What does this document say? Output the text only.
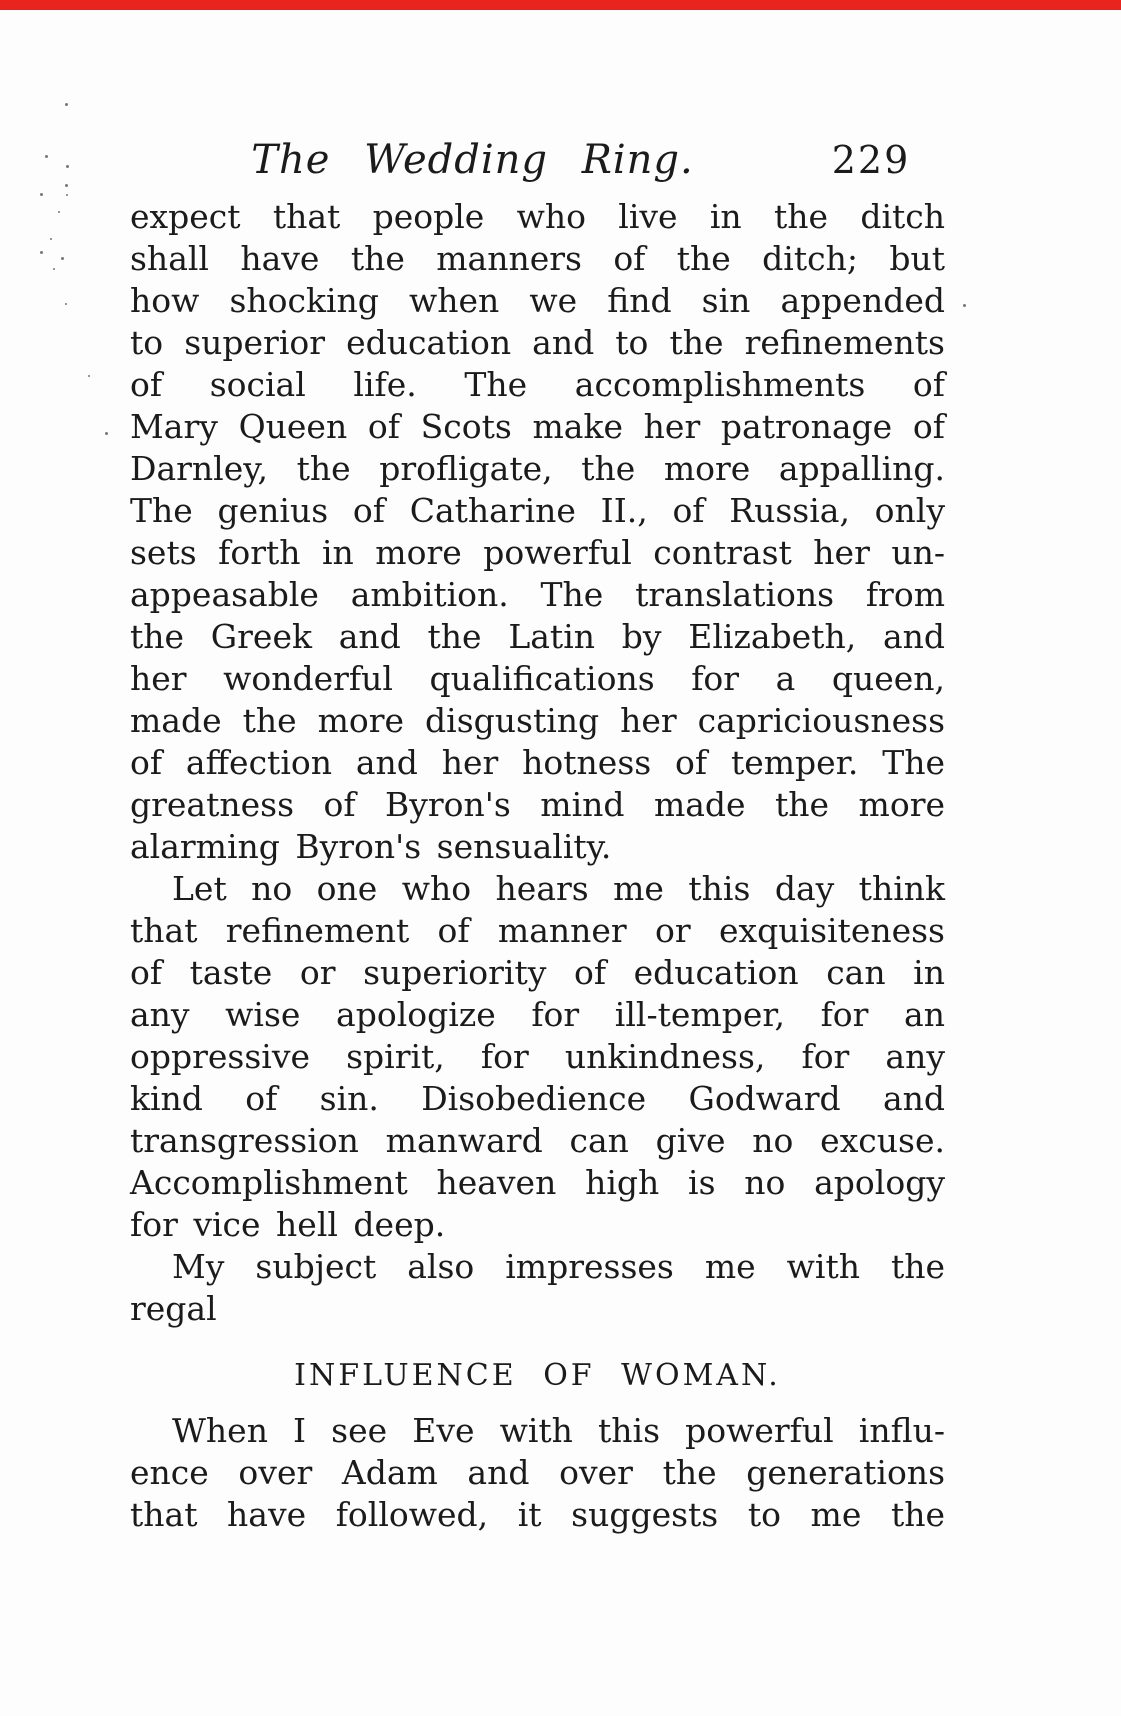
The Wedding Ring.	229
expect that people who live in the ditch
shall have the manners of the ditch; but
how shocking when we find sin appended
to superior education and to the refinements
of social life. The accomplishments of
Mary Queen of Scots make her patronage of
Darnley, the profligate, the more appalling.
The genius of Catharine II., of Russia, only
sets forth in more powerful contrast her un-
appeasable ambition. The translations from
the Greek and the Latin by Elizabeth, and
her wonderful qualifications for a queen,
made the more disgusting her capriciousness
of affection and her hotness of temper. The
greatness of Byron's mind made the more
alarming Byron's sensuality.
Let no one who hears me this day think
that refinement of manner or exquisiteness
of taste or superiority of education can in
any wise apologize for ill-temper, for an
oppressive spirit, for unkindness, for any
kind of sin. Disobedience Godward and
transgression manward can give no excuse.
Accomplishment heaven high is no apology
for vice hell deep.
My subject also impresses me with the
regal
INFLUENCE OF WOMAN.
When I see Eve with this powerful influ-
ence over Adam and over the generations
that have followed, it suggests to me the
